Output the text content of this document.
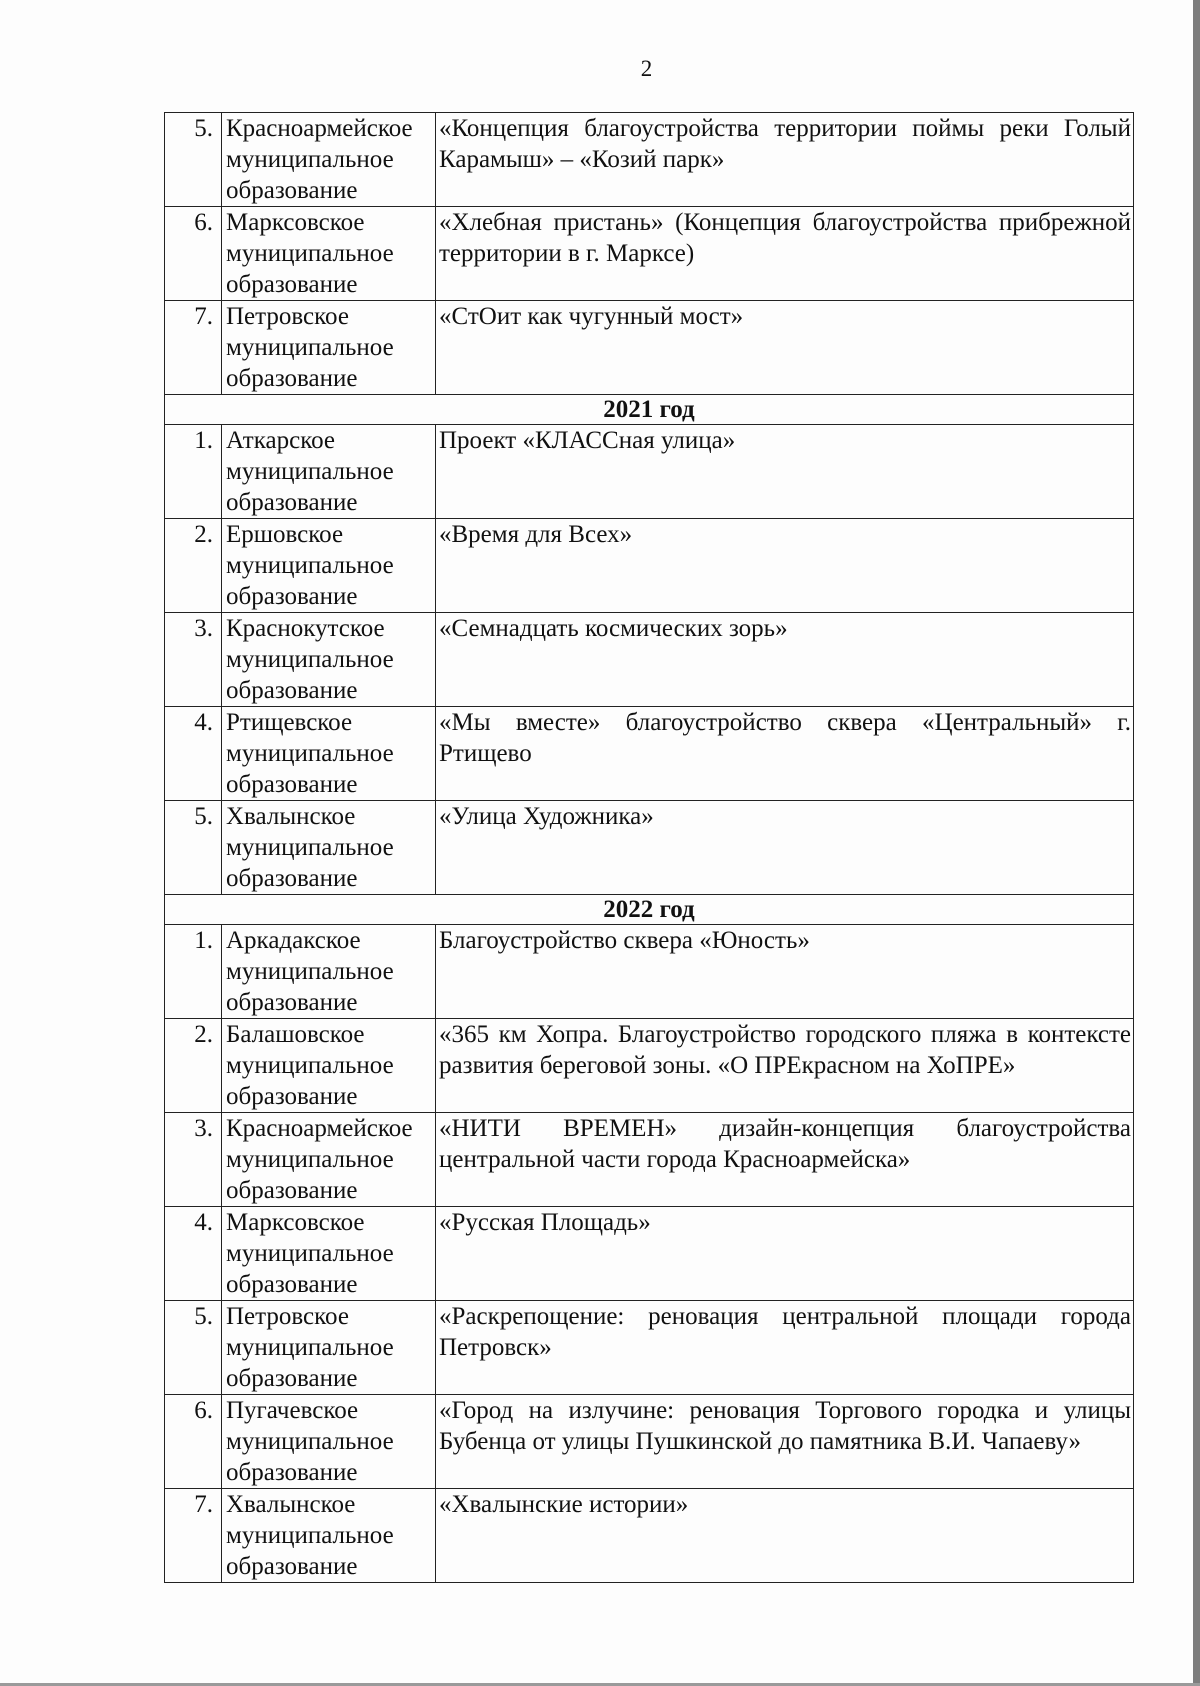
2
5.	Красноармейское муниципальное образование	«Концепция благоустройства территории поймы реки Голый Карамыш» – «Козий парк»
6.	Марксовское муниципальное образование	«Хлебная пристань» (Концепция благоустройства прибрежной территории в г. Марксе)
7.	Петровское муниципальное образование	«СтОит как чугунный мост»
2021 год		
1.	Аткарское муниципальное образование	Проект «КЛАССная улица»
2.	Ершовское муниципальное образование	«Время для Всех»
3.	Краснокутское муниципальное образование	«Семнадцать космических зорь»
4.	Ртищевское муниципальное образование	«Мы вместе» благоустройство сквера «Центральный» г. Ртищево
5.	Хвалынское муниципальное образование	«Улица Художника»
2022 год		
1.	Аркадакское муниципальное образование	Благоустройство сквера «Юность»
2.	Балашовское муниципальное образование	«365 км Хопра. Благоустройство городского пляжа в контексте развития береговой зоны. «О ПРЕкрасном на ХоПРЕ»
3.	Красноармейское муниципальное образование	«НИТИ ВРЕМЕН» дизайн-концепция благоустройства центральной части города Красноармейска»
4.	Марксовское муниципальное образование	«Русская Площадь»
5.	Петровское муниципальное образование	«Раскрепощение: реновация центральной площади города Петровск»
6.	Пугачевское муниципальное образование	«Город на излучине: реновация Торгового городка и улицы Бубенца от улицы Пушкинской до памятника В.И. Чапаеву»
7.	Хвалынское муниципальное образование	«Хвалынские истории»
